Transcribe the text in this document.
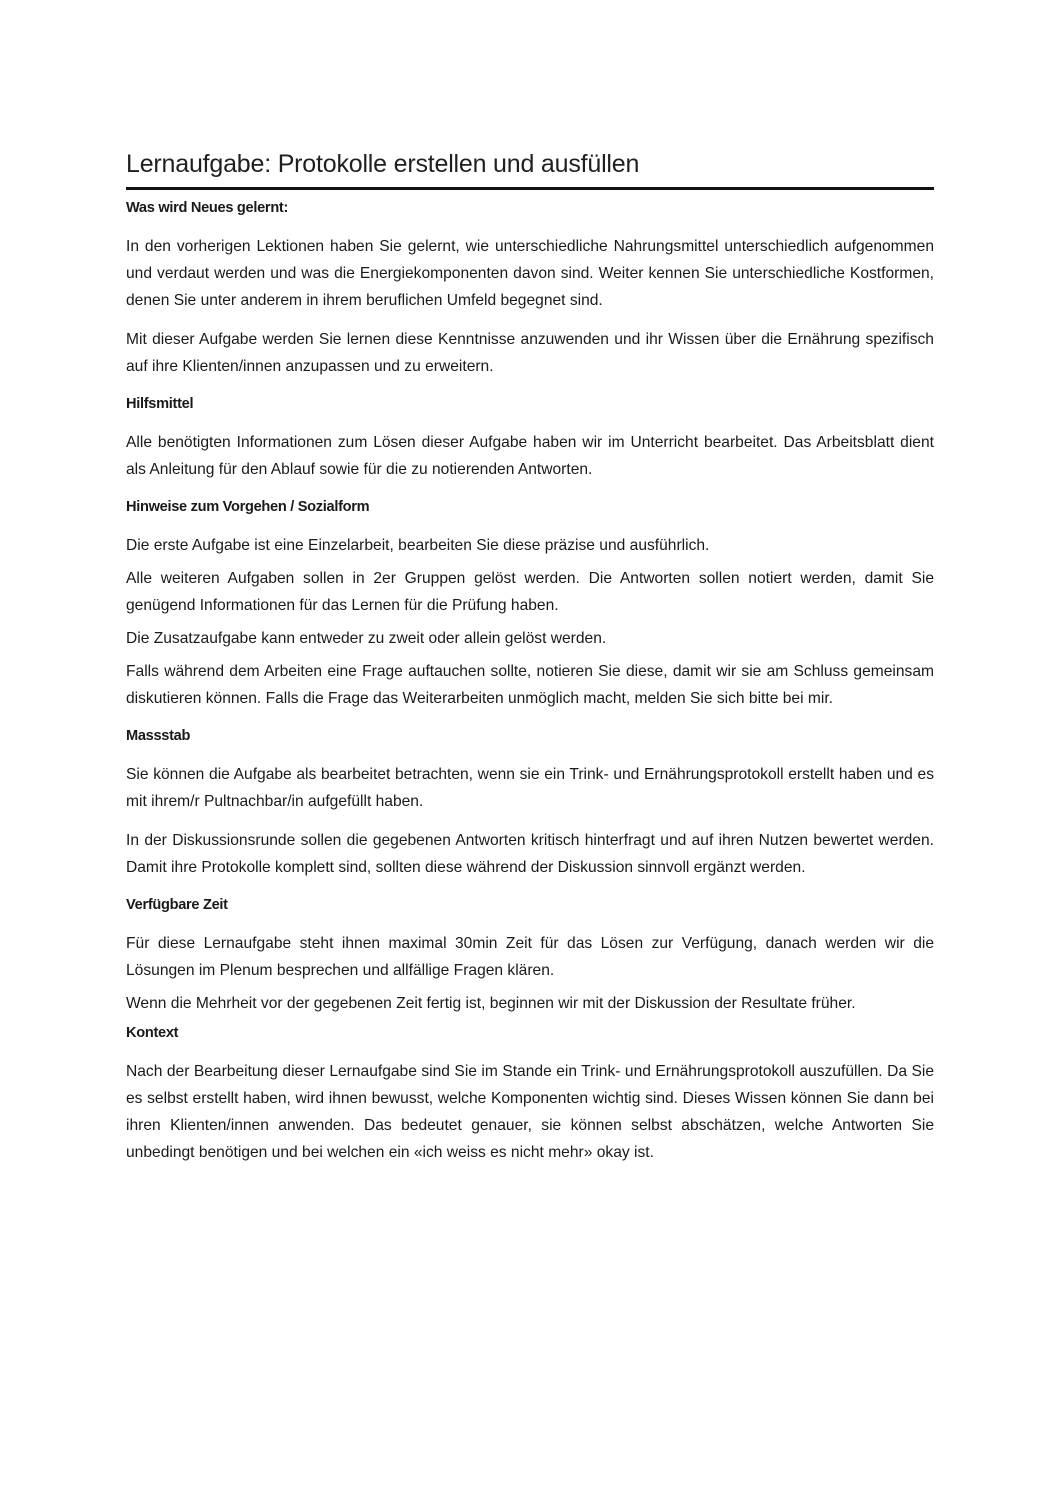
Lernaufgabe: Protokolle erstellen und ausfüllen

Was wird Neues gelernt:

In den vorherigen Lektionen haben Sie gelernt, wie unterschiedliche Nahrungsmittel unterschiedlich aufgenommen und verdaut werden und was die Energiekomponenten davon sind. Weiter kennen Sie unterschiedliche Kostformen, denen Sie unter anderem in ihrem beruflichen Umfeld begegnet sind.

Mit dieser Aufgabe werden Sie lernen diese Kenntnisse anzuwenden und ihr Wissen über die Ernährung spezifisch auf ihre Klienten/innen anzupassen und zu erweitern.

Hilfsmittel

Alle benötigten Informationen zum Lösen dieser Aufgabe haben wir im Unterricht bearbeitet. Das Arbeitsblatt dient als Anleitung für den Ablauf sowie für die zu notierenden Antworten.

Hinweise zum Vorgehen / Sozialform

Die erste Aufgabe ist eine Einzelarbeit, bearbeiten Sie diese präzise und ausführlich.

Alle weiteren Aufgaben sollen in 2er Gruppen gelöst werden. Die Antworten sollen notiert werden, damit Sie genügend Informationen für das Lernen für die Prüfung haben.

Die Zusatzaufgabe kann entweder zu zweit oder allein gelöst werden.

Falls während dem Arbeiten eine Frage auftauchen sollte, notieren Sie diese, damit wir sie am Schluss gemeinsam diskutieren können. Falls die Frage das Weiterarbeiten unmöglich macht, melden Sie sich bitte bei mir.

Massstab

Sie können die Aufgabe als bearbeitet betrachten, wenn sie ein Trink- und Ernährungsprotokoll erstellt haben und es mit ihrem/r Pultnachbar/in aufgefüllt haben.

In der Diskussionsrunde sollen die gegebenen Antworten kritisch hinterfragt und auf ihren Nutzen bewertet werden. Damit ihre Protokolle komplett sind, sollten diese während der Diskussion sinnvoll ergänzt werden.

Verfügbare Zeit

Für diese Lernaufgabe steht ihnen maximal 30min Zeit für das Lösen zur Verfügung, danach werden wir die Lösungen im Plenum besprechen und allfällige Fragen klären.

Wenn die Mehrheit vor der gegebenen Zeit fertig ist, beginnen wir mit der Diskussion der Resultate früher.

Kontext

Nach der Bearbeitung dieser Lernaufgabe sind Sie im Stande ein Trink- und Ernährungsprotokoll auszufüllen. Da Sie es selbst erstellt haben, wird ihnen bewusst, welche Komponenten wichtig sind. Dieses Wissen können Sie dann bei ihren Klienten/innen anwenden. Das bedeutet genauer, sie können selbst abschätzen, welche Antworten Sie unbedingt benötigen und bei welchen ein «ich weiss es nicht mehr» okay ist.
